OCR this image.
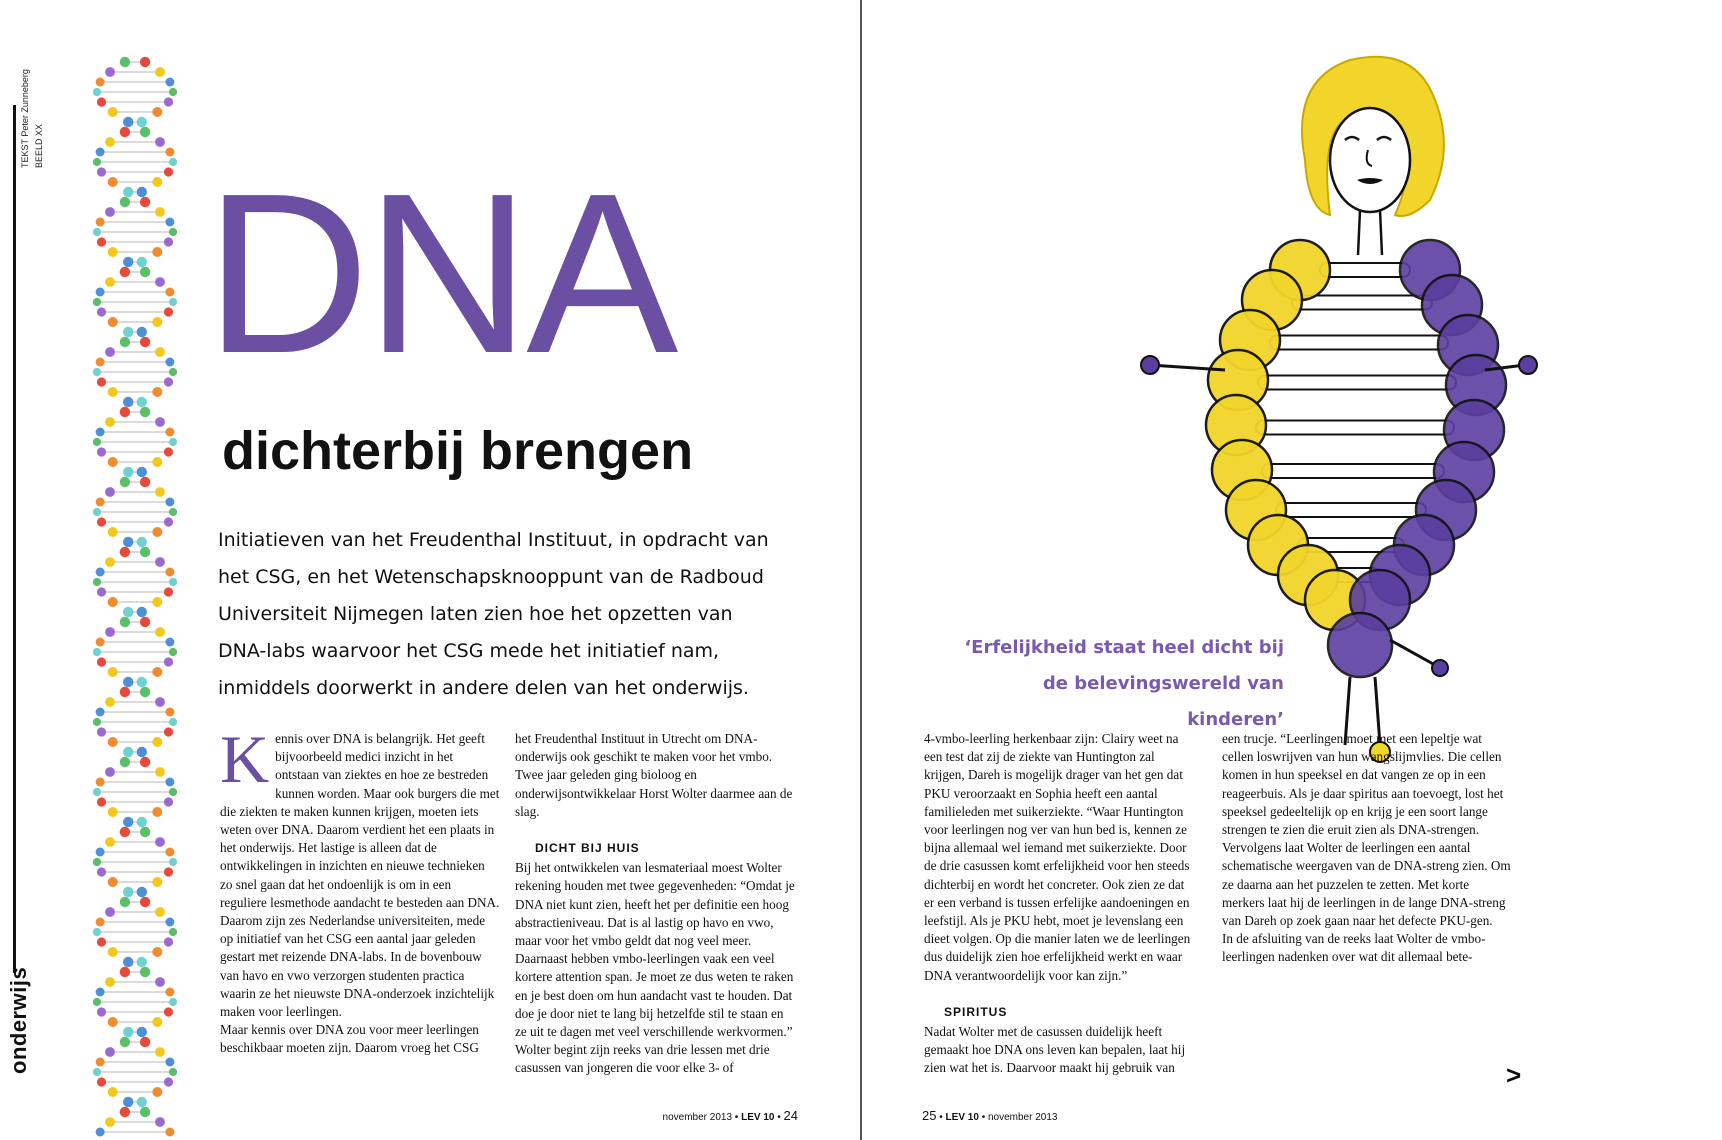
TEKST Peter Zunneberg BEELD XX
onderwijs
DNA
dichterbij brengen
Initiatieven van het Freudenthal Instituut, in opdracht van het CSG, en het Wetenschapsknooppunt van de Radboud Universiteit Nijmegen laten zien hoe het opzetten van DNA-labs waarvoor het CSG mede het initiatief nam, inmiddels doorwerkt in andere delen van het onderwijs.

Kennis over DNA is belangrijk. Het geeft bijvoorbeeld medici inzicht in het ontstaan van ziektes en hoe ze bestreden kunnen worden. Maar ook burgers die met die ziekten te maken kunnen krijgen, moeten iets weten over DNA. Daarom verdient het een plaats in het onderwijs. Het lastige is alleen dat de ontwikkelingen in inzichten en nieuwe technieken zo snel gaan dat het ondoenlijk is om in een reguliere lesmethode aandacht te besteden aan DNA. Daarom zijn zes Nederlandse universiteiten, mede op initiatief van het CSG een aantal jaar geleden gestart met reizende DNA-labs. In de bovenbouw van havo en vwo verzorgen studenten practica waarin ze het nieuwste DNA-onderzoek inzichtelijk maken voor leerlingen.

Maar kennis over DNA zou voor meer leerlingen beschikbaar moeten zijn. Daarom vroeg het CSG

het Freudenthal Instituut in Utrecht om DNA-onderwijs ook geschikt te maken voor het vmbo. Twee jaar geleden ging bioloog en onderwijsontwikkelaar Horst Wolter daarmee aan de slag.

DICHT BIJ HUIS

Bij het ontwikkelen van lesmateriaal moest Wolter rekening houden met twee gegevenheden: “Omdat je DNA niet kunt zien, heeft het per definitie een hoog abstractieniveau. Dat is al lastig op havo en vwo, maar voor het vmbo geldt dat nog veel meer. Daarnaast hebben vmbo-leerlingen vaak een veel kortere attention span. Je moet ze dus weten te raken en je best doen om hun aandacht vast te houden. Dat doe je door niet te lang bij hetzelfde stil te staan en ze uit te dagen met veel verschillende werkvormen.”

Wolter begint zijn reeks van drie lessen met drie casussen van jongeren die voor elke 3- of

november 2013 • LEV 10 • 24	25 • LEV 10 • november 2013
‘Erfelijkheid staat heel dicht bij de belevingswereld van kinderen’

4-vmbo-leerling herkenbaar zijn: Clairy weet na een test dat zij de ziekte van Huntington zal krijgen, Dareh is mogelijk drager van het gen dat PKU veroorzaakt en Sophia heeft een aantal familieleden met suikerziekte. “Waar Huntington voor leerlingen nog ver van hun bed is, kennen ze bijna allemaal wel iemand met suikerziekte. Door de drie casussen komt erfelijkheid voor hen steeds dichterbij en wordt het concreter. Ook zien ze dat er een verband is tussen erfelijke aandoeningen en leefstijl. Als je PKU hebt, moet je levenslang een dieet volgen. Op die manier laten we de leerlingen dus duidelijk zien hoe erfelijkheid werkt en waar DNA verantwoordelijk voor kan zijn.”

SPIRITUS

Nadat Wolter met de casussen duidelijk heeft gemaakt hoe DNA ons leven kan bepalen, laat hij zien wat het is. Daarvoor maakt hij gebruik van

een trucje. “Leerlingen moet met een lepeltje wat cellen loswrijven van hun wangslijmvlies. Die cellen komen in hun speeksel en dat vangen ze op in een reageerbuis. Als je daar spiritus aan toevoegt, lost het speeksel gedeeltelijk op en krijg je een soort lange strengen te zien die eruit zien als DNA-strengen.

Vervolgens laat Wolter de leerlingen een aantal schematische weergaven van de DNA-streng zien. Om ze daarna aan het puzzelen te zetten. Met korte merkers laat hij de leerlingen in de lange DNA-streng van Dareh op zoek gaan naar het defecte PKU-gen.

In de afsluiting van de reeks laat Wolter de vmbo-leerlingen nadenken over wat dit allemaal bete-

>
